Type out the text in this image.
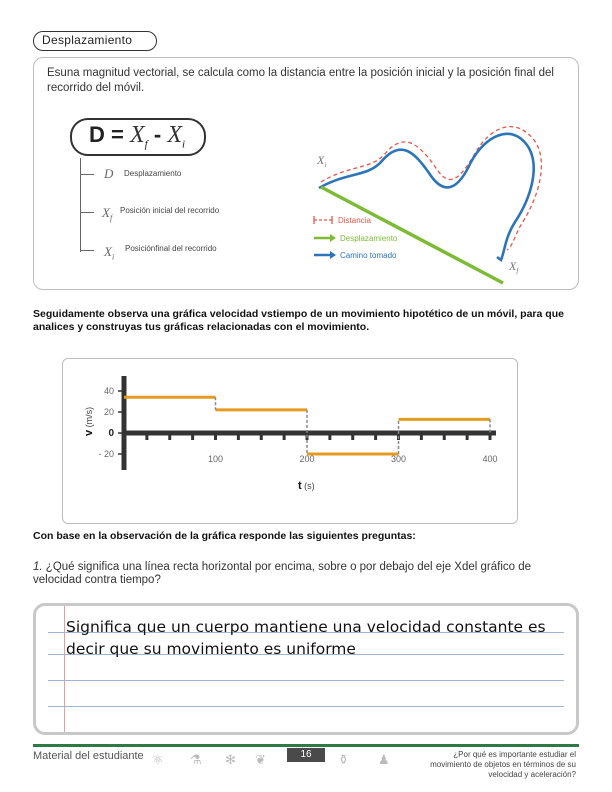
Desplazamiento
Esuna magnitud vectorial, se calcula como la distancia entre la posición inicial y la posición final del recorrido del móvil.
$D = X_f - X_i$
D Desplazamiento
$X_f$
Posición inicial del recorrido
$X_i$
Posiciónfinal del recorrido
$X_i$
$X_f$
Distancia
Desplazamiento
Camino tomado
Seguidamente observa una gráfica velocidad vstiempo de un movimiento hipotético de un móvil, para que analices y construyas tus gráficas relacionadas con el movimiento.
40
20
0
- 20	100	200	300	400
v (m/s)
t (s)
Con base en la observación de la gráfica responde las siguientes preguntas:
1. ¿Qué significa una línea recta horizontal por encima, sobre o por debajo del eje Xdel gráfico de velocidad contra tiempo?
Significa que un cuerpo mantiene una velocidad constante es decir que su movimiento es uniforme
Material del estudiante ⚛ ⚗ ✻ ❦	16	⚱ ♟	¿Por qué es importante estudiar el movimiento de objetos en términos de su velocidad y aceleración?
